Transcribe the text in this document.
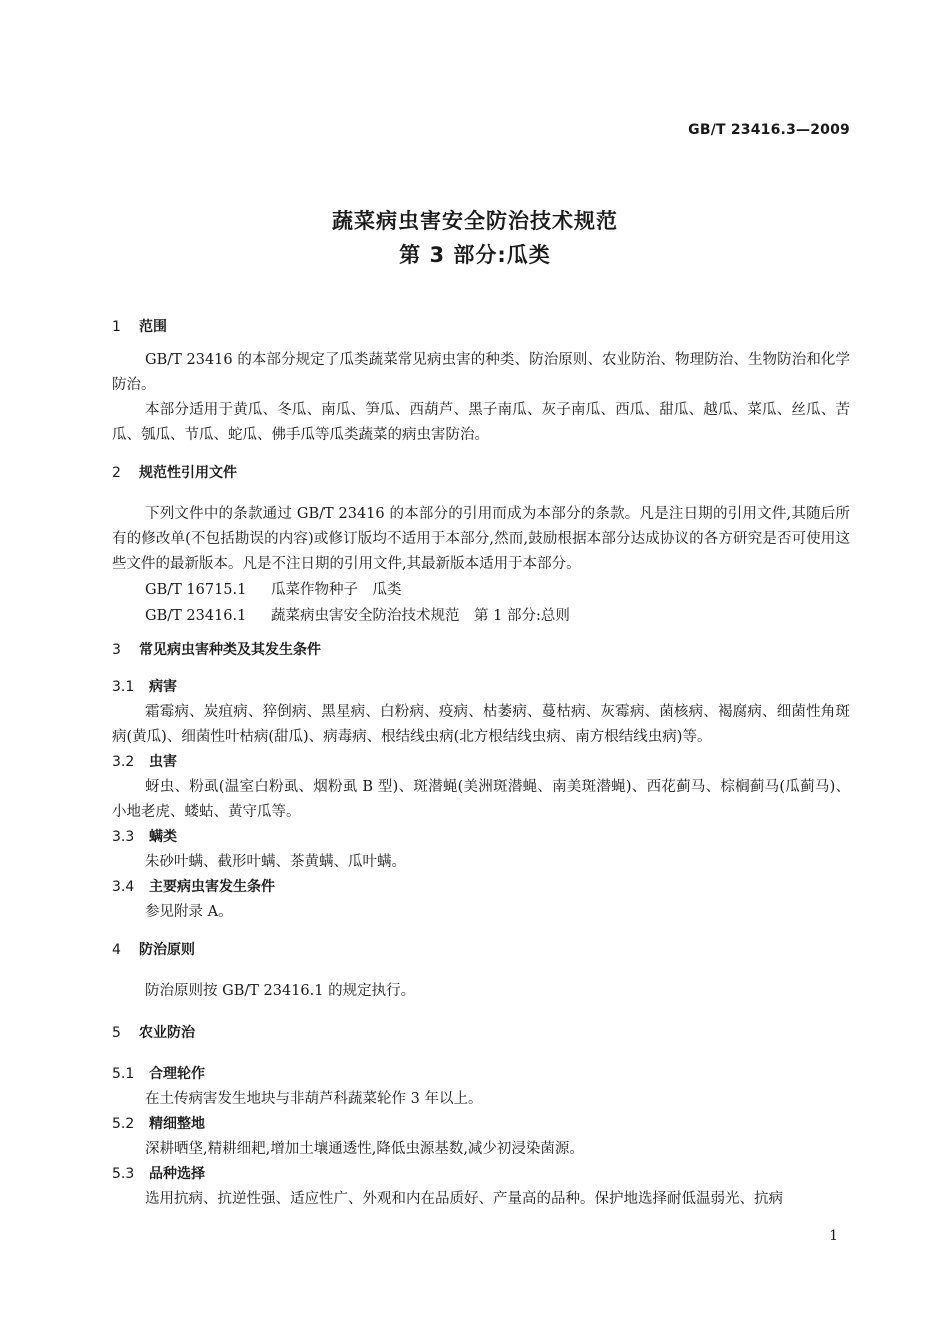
GB/T 23416.3—2009
蔬菜病虫害安全防治技术规范
第 3 部分:瓜类
1 范围

GB/T 23416 的本部分规定了瓜类蔬菜常见病虫害的种类、防治原则、农业防治、物理防治、生物防治和化学防治。

本部分适用于黄瓜、冬瓜、南瓜、笋瓜、西葫芦、黑子南瓜、灰子南瓜、西瓜、甜瓜、越瓜、菜瓜、丝瓜、苦瓜、瓠瓜、节瓜、蛇瓜、佛手瓜等瓜类蔬菜的病虫害防治。

2 规范性引用文件

下列文件中的条款通过 GB/T 23416 的本部分的引用而成为本部分的条款。凡是注日期的引用文件,其随后所有的修改单(不包括勘误的内容)或修订版均不适用于本部分,然而,鼓励根据本部分达成协议的各方研究是否可使用这些文件的最新版本。凡是不注日期的引用文件,其最新版本适用于本部分。

GB/T 16715.1 瓜菜作物种子　瓜类
GB/T 23416.1 蔬菜病虫害安全防治技术规范　第 1 部分:总则
3 常见病虫害种类及其发生条件
3.1 病害

霜霉病、炭疽病、猝倒病、黑星病、白粉病、疫病、枯萎病、蔓枯病、灰霉病、菌核病、褐腐病、细菌性角斑病(黄瓜)、细菌性叶枯病(甜瓜)、病毒病、根结线虫病(北方根结线虫病、南方根结线虫病)等。

3.2 虫害

蚜虫、粉虱(温室白粉虱、烟粉虱 B 型)、斑潜蝇(美洲斑潜蝇、南美斑潜蝇)、西花蓟马、棕榈蓟马(瓜蓟马)、小地老虎、蝼蛄、黄守瓜等。

3.3 螨类

朱砂叶螨、截形叶螨、茶黄螨、瓜叶螨。

3.4 主要病虫害发生条件

参见附录 A。

4 防治原则

防治原则按 GB/T 23416.1 的规定执行。

5 农业防治
5.1 合理轮作

在土传病害发生地块与非葫芦科蔬菜轮作 3 年以上。

5.2 精细整地

深耕晒垡,精耕细耙,增加土壤通透性,降低虫源基数,减少初浸染菌源。

5.3 品种选择

选用抗病、抗逆性强、适应性广、外观和内在品质好、产量高的品种。保护地选择耐低温弱光、抗病

1
